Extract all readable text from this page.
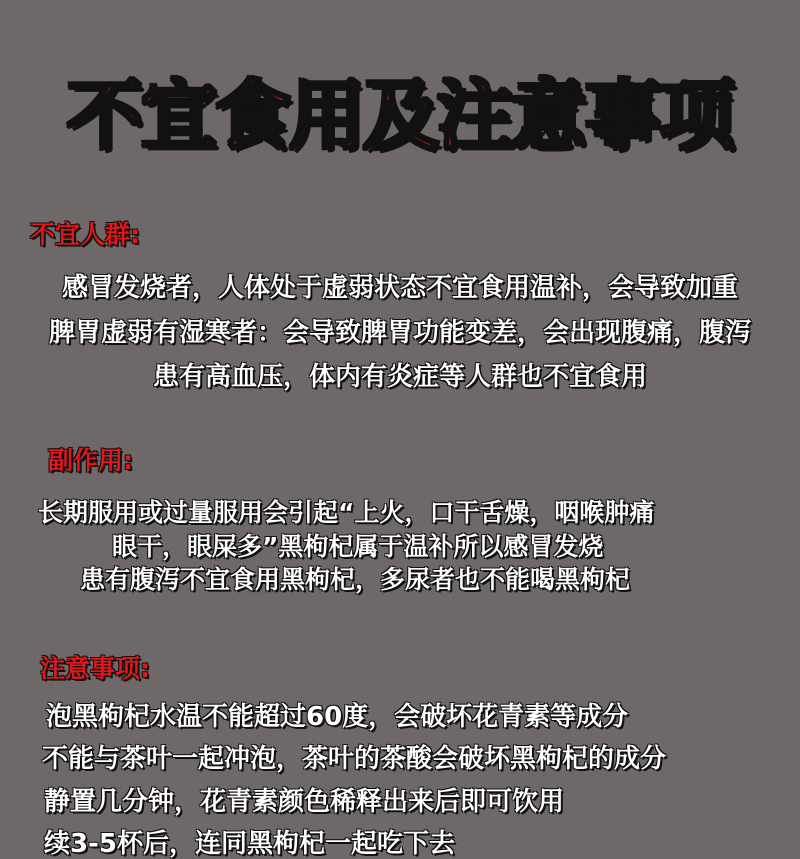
不宜食用及注意事项
不宜人群:
感冒发烧者，人体处于虚弱状态不宜食用温补，会导致加重
脾胃虚弱有湿寒者：会导致脾胃功能变差，会出现腹痛，腹泻
患有高血压，体内有炎症等人群也不宜食用
副作用:
长期服用或过量服用会引起“上火，口干舌燥，咽喉肿痛
眼干，眼屎多”黑枸杞属于温补所以感冒发烧
患有腹泻不宜食用黑枸杞，多尿者也不能喝黑枸杞
注意事项:
泡黑枸杞水温不能超过60度，会破坏花青素等成分
不能与茶叶一起冲泡，茶叶的茶酸会破坏黑枸杞的成分
静置几分钟，花青素颜色稀释出来后即可饮用
续3-5杯后，连同黑枸杞一起吃下去
